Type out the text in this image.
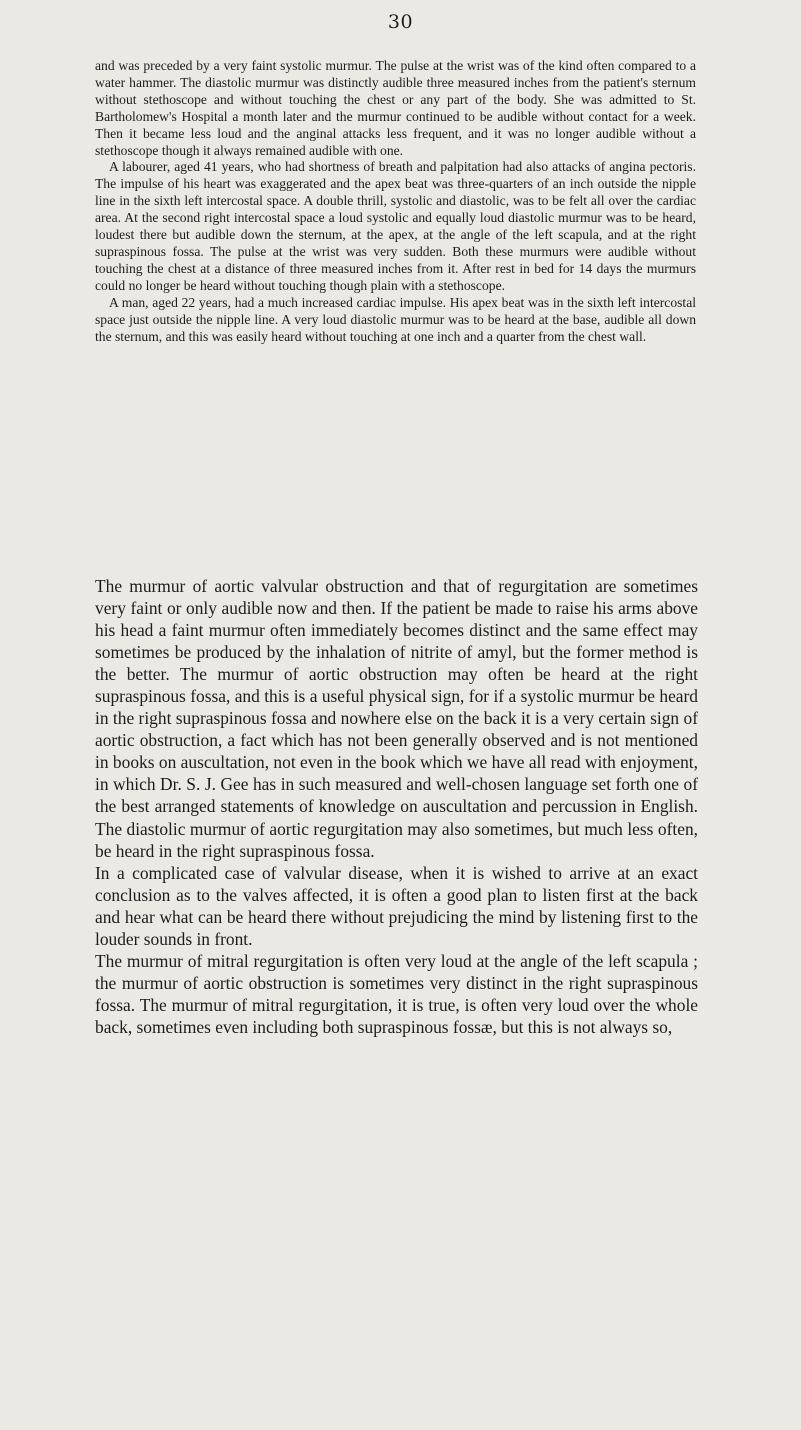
30

and was preceded by a very faint systolic murmur. The pulse at the wrist was of the kind often compared to a water hammer. The diastolic murmur was distinctly audible three measured inches from the patient's sternum without stethoscope and without touching the chest or any part of the body. She was admitted to St. Bartholomew's Hospital a month later and the murmur continued to be audible without contact for a week. Then it became less loud and the anginal attacks less frequent, and it was no longer audible without a stethoscope though it always remained audible with one.

A labourer, aged 41 years, who had shortness of breath and palpitation had also attacks of angina pectoris. The impulse of his heart was exaggerated and the apex beat was three-quarters of an inch outside the nipple line in the sixth left intercostal space. A double thrill, systolic and diastolic, was to be felt all over the cardiac area. At the second right intercostal space a loud systolic and equally loud diastolic murmur was to be heard, loudest there but audible down the sternum, at the apex, at the angle of the left scapula, and at the right supraspinous fossa. The pulse at the wrist was very sudden. Both these murmurs were audible without touching the chest at a distance of three measured inches from it. After rest in bed for 14 days the murmurs could no longer be heard without touching though plain with a stethoscope.

A man, aged 22 years, had a much increased cardiac impulse. His apex beat was in the sixth left intercostal space just outside the nipple line. A very loud diastolic murmur was to be heard at the base, audible all down the sternum, and this was easily heard without touching at one inch and a quarter from the chest wall.

The murmur of aortic valvular obstruction and that of regurgitation are sometimes very faint or only audible now and then. If the patient be made to raise his arms above his head a faint murmur often immediately becomes distinct and the same effect may sometimes be produced by the inhalation of nitrite of amyl, but the former method is the better. The murmur of aortic obstruction may often be heard at the right supraspinous fossa, and this is a useful physical sign, for if a systolic murmur be heard in the right supraspinous fossa and nowhere else on the back it is a very certain sign of aortic obstruction, a fact which has not been generally observed and is not mentioned in books on auscultation, not even in the book which we have all read with enjoyment, in which Dr. S. J. Gee has in such measured and well-chosen language set forth one of the best arranged statements of knowledge on auscultation and percussion in English. The diastolic murmur of aortic regurgitation may also sometimes, but much less often, be heard in the right supraspinous fossa.

In a complicated case of valvular disease, when it is wished to arrive at an exact conclusion as to the valves affected, it is often a good plan to listen first at the back and hear what can be heard there without prejudicing the mind by listening first to the louder sounds in front.

The murmur of mitral regurgitation is often very loud at the angle of the left scapula ; the murmur of aortic obstruction is sometimes very distinct in the right supraspinous fossa. The murmur of mitral regurgitation, it is true, is often very loud over the whole back, sometimes even including both supraspinous fossæ, but this is not always so,
